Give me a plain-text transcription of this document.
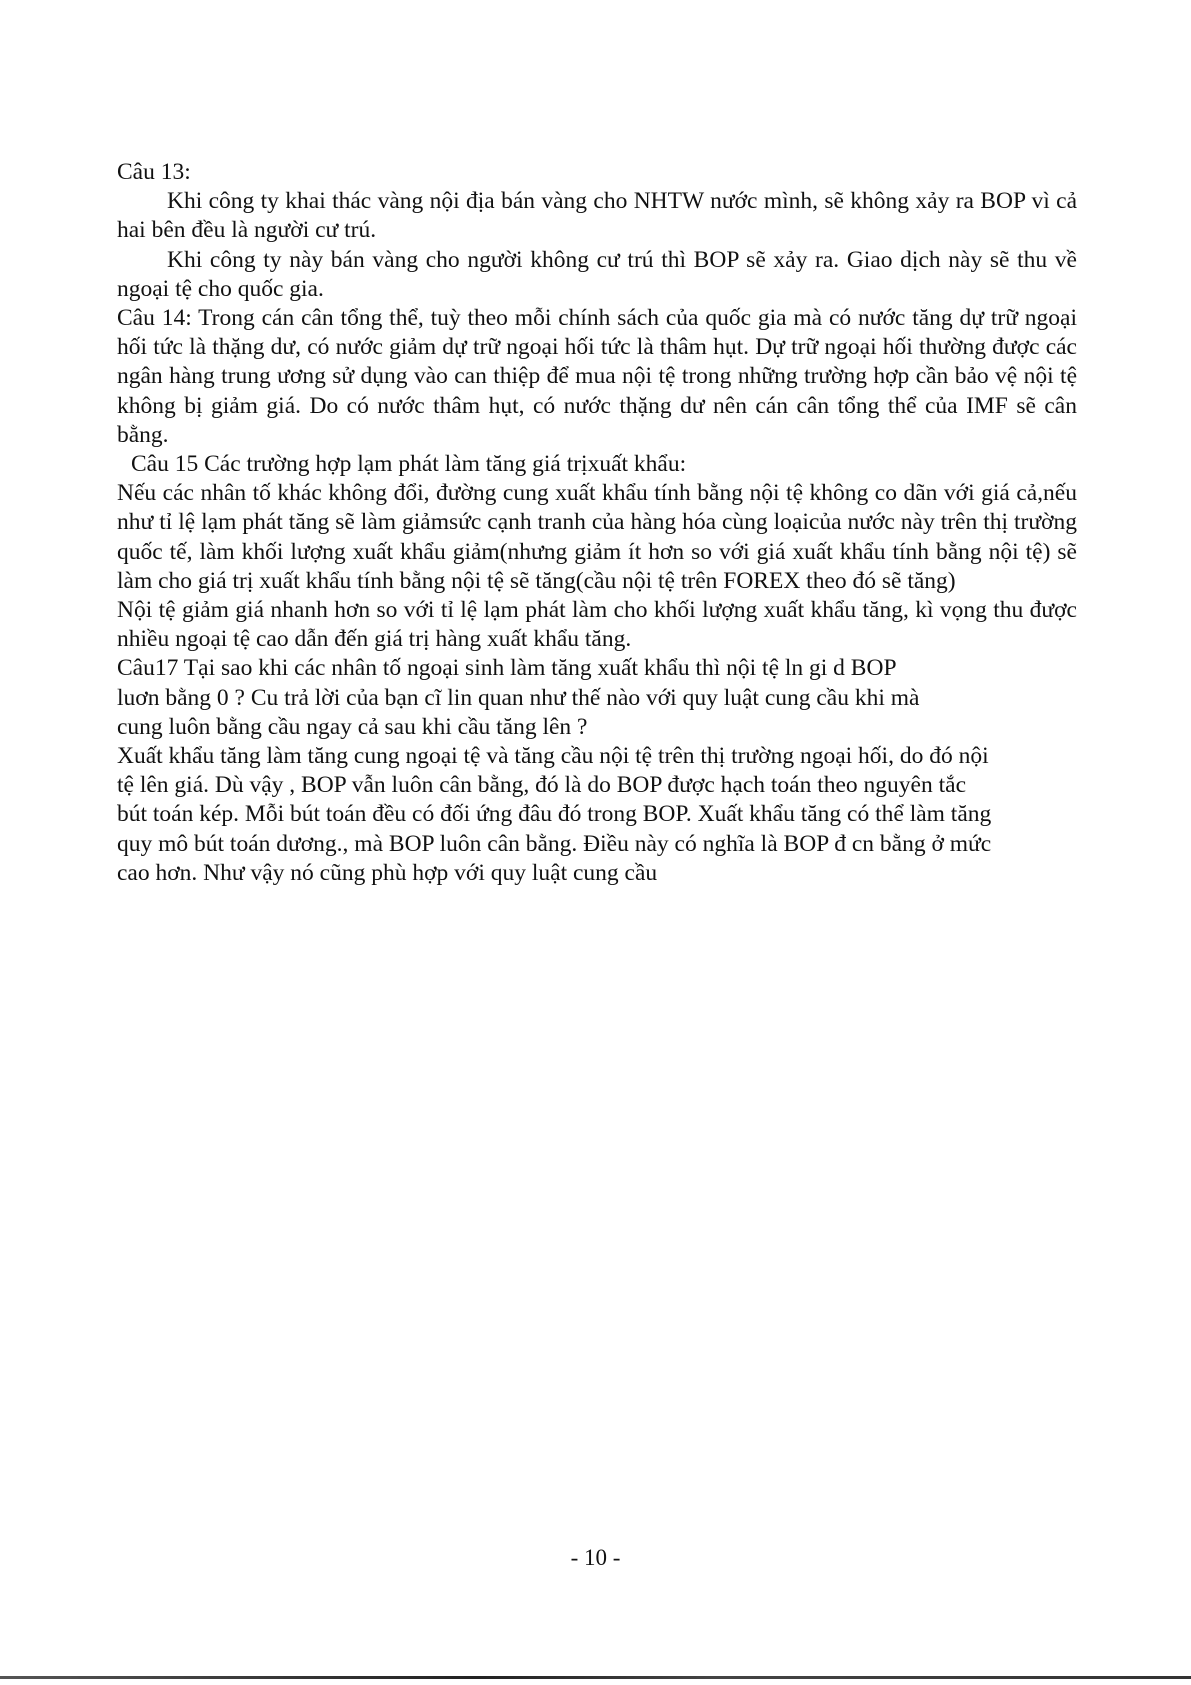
Câu 13:

Khi công ty khai thác vàng nội địa bán vàng cho NHTW nước mình, sẽ không xảy ra BOP vì cả hai bên đều là người cư trú.

Khi công ty này bán vàng cho người không cư trú thì BOP sẽ xảy ra. Giao dịch này sẽ thu về ngoại tệ cho quốc gia.

Câu 14: Trong cán cân tổng thể, tuỳ theo mỗi chính sách của quốc gia mà có nước tăng dự trữ ngoại hối tức là thặng dư, có nước giảm dự trữ ngoại hối tức là thâm hụt. Dự trữ ngoại hối thường được các ngân hàng trung ương sử dụng vào can thiệp để mua nội tệ trong những trường hợp cần bảo vệ nội tệ không bị giảm giá. Do có nước thâm hụt, có nước thặng dư nên cán cân tổng thể của IMF sẽ cân bằng.

Câu 15 Các trường hợp lạm phát làm tăng giá trịxuất khẩu:

Nếu các nhân tố khác không đổi, đường cung xuất khẩu tính bằng nội tệ không co dãn với giá cả,nếu như tỉ lệ lạm phát tăng sẽ làm giảmsức cạnh tranh của hàng hóa cùng loạicủa nước này trên thị trường quốc tế, làm khối lượng xuất khẩu giảm(nhưng giảm ít hơn so với giá xuất khẩu tính bằng nội tệ) sẽ làm cho giá trị xuất khẩu tính bằng nội tệ sẽ tăng(cầu nội tệ trên FOREX theo đó sẽ tăng)

Nội tệ giảm giá nhanh hơn so với tỉ lệ lạm phát làm cho khối lượng xuất khẩu tăng, kì vọng thu được nhiều ngoại tệ cao dẫn đến giá trị hàng xuất khẩu tăng.

Câu17 Tại sao khi các nhân tố ngoại sinh làm tăng xuất khẩu thì nội tệ ln gi d BOP
luơn bằng 0 ? Cu trả lời của bạn cĩ lin quan như thế nào với quy luật cung cầu khi mà
cung luôn bằng cầu ngay cả sau khi cầu tăng lên ?

Xuất khẩu tăng làm tăng cung ngoại tệ và tăng cầu nội tệ trên thị trường ngoại hối, do đó nội
tệ lên giá. Dù vậy , BOP vẫn luôn cân bằng, đó là do BOP được hạch toán theo nguyên tắc
bút toán kép. Mỗi bút toán đều có đối ứng đâu đó trong BOP. Xuất khẩu tăng có thể làm tăng
quy mô bút toán dương., mà BOP luôn cân bằng. Điều này có nghĩa là BOP đ cn bằng ở mức
cao hơn. Như vậy nó cũng phù hợp với quy luật cung cầu

- 10 -
